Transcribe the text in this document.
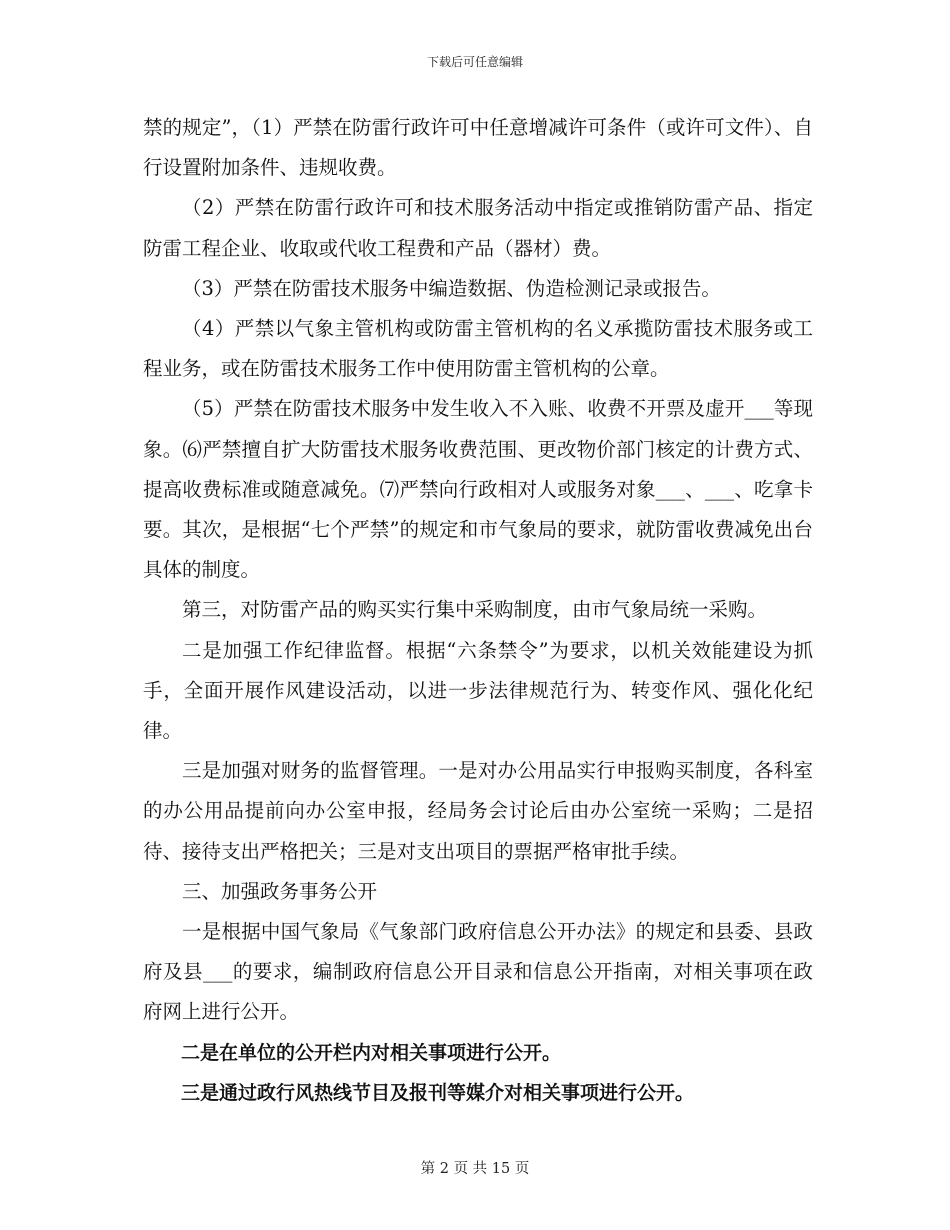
下载后可任意编辑

禁的规定”，（1）严禁在防雷行政许可中任意增减许可条件（或许可文件）、自行设置附加条件、违规收费。

（2）严禁在防雷行政许可和技术服务活动中指定或推销防雷产品、指定防雷工程企业、收取或代收工程费和产品（器材）费。

（3）严禁在防雷技术服务中编造数据、伪造检测记录或报告。

（4）严禁以气象主管机构或防雷主管机构的名义承揽防雷技术服务或工程业务，或在防雷技术服务工作中使用防雷主管机构的公章。

（5）严禁在防雷技术服务中发生收入不入账、收费不开票及虚开___等现象。⑹严禁擅自扩大防雷技术服务收费范围、更改物价部门核定的计费方式、提高收费标准或随意减免。⑺严禁向行政相对人或服务对象___、___、吃拿卡要。其次，是根据“七个严禁”的规定和市气象局的要求，就防雷收费减免出台具体的制度。

第三，对防雷产品的购买实行集中采购制度，由市气象局统一采购。

二是加强工作纪律监督。根据“六条禁令”为要求，以机关效能建设为抓手，全面开展作风建设活动，以进一步法律规范行为、转变作风、强化化纪律。

三是加强对财务的监督管理。一是对办公用品实行申报购买制度，各科室的办公用品提前向办公室申报，经局务会讨论后由办公室统一采购；二是招待、接待支出严格把关；三是对支出项目的票据严格审批手续。

三、加强政务事务公开

一是根据中国气象局《气象部门政府信息公开办法》的规定和县委、县政府及县___的要求，编制政府信息公开目录和信息公开指南，对相关事项在政府网上进行公开。

二是在单位的公开栏内对相关事项进行公开。

三是通过政行风热线节目及报刊等媒介对相关事项进行公开。

第 2 页 共 15 页
